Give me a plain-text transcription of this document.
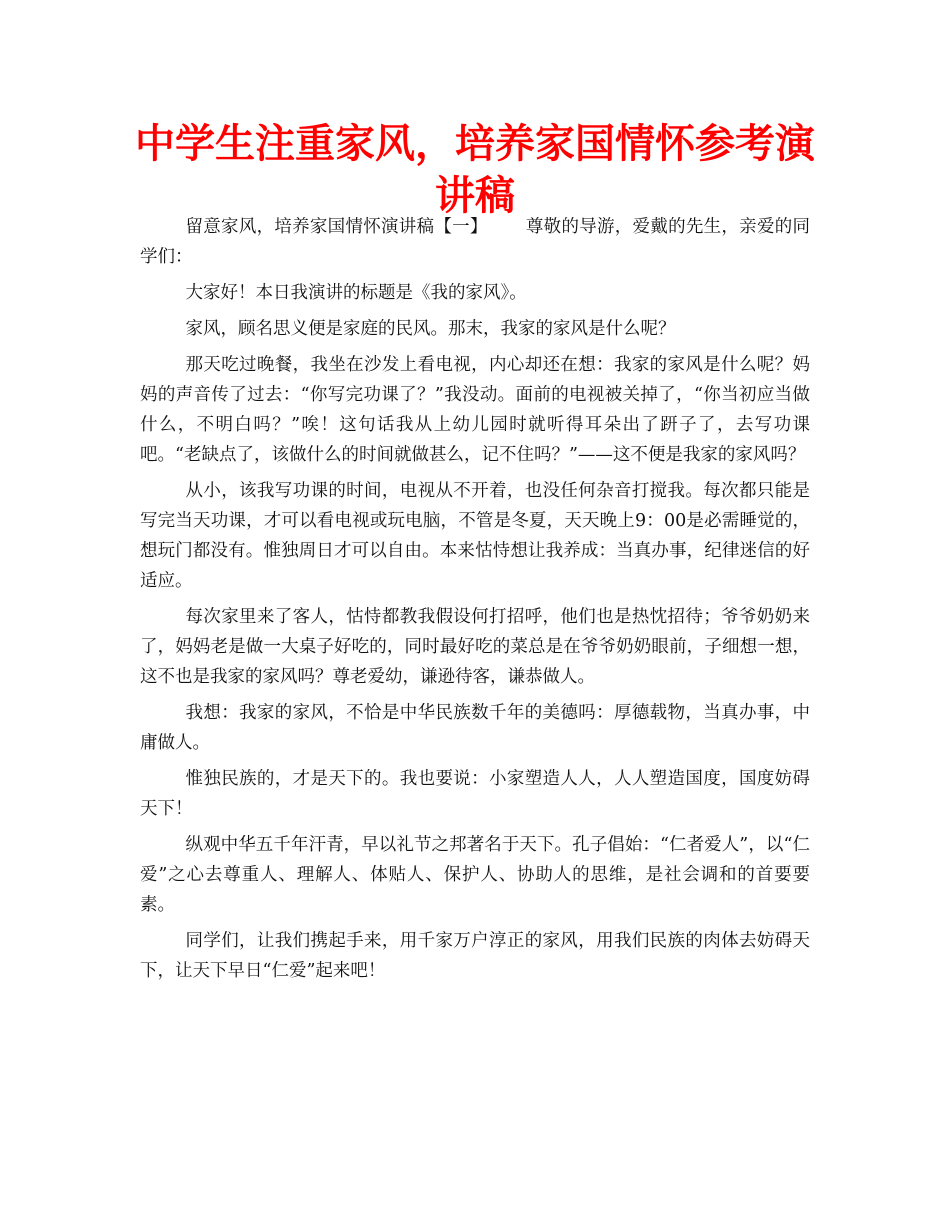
中学生注重家风，培养家国情怀参考演讲稿

留意家风，培养家国情怀演讲稿【一】 尊敬的导游，爱戴的先生，亲爱的同学们：

大家好！本日我演讲的标题是《我的家风》。

家风，顾名思义便是家庭的民风。那末，我家的家风是什么呢？

那天吃过晚餐，我坐在沙发上看电视，内心却还在想：我家的家风是什么呢？妈妈的声音传了过去：“你写完功课了？”我没动。面前的电视被关掉了，“你当初应当做什么，不明白吗？”唉！这句话我从上幼儿园时就听得耳朵出了趼子了，去写功课吧。“老缺点了，该做什么的时间就做甚么，记不住吗？”——这不便是我家的家风吗？

从小，该我写功课的时间，电视从不开着，也没任何杂音打搅我。每次都只能是写完当天功课，才可以看电视或玩电脑，不管是冬夏，天天晚上9：00是必需睡觉的，想玩门都没有。惟独周日才可以自由。本来怙恃想让我养成：当真办事，纪律迷信的好适应。

每次家里来了客人，怙恃都教我假设何打招呼，他们也是热忱招待；爷爷奶奶来了，妈妈老是做一大桌子好吃的，同时最好吃的菜总是在爷爷奶奶眼前，子细想一想，这不也是我家的家风吗？尊老爱幼，谦逊待客，谦恭做人。

我想：我家的家风，不恰是中华民族数千年的美德吗：厚德载物，当真办事，中庸做人。

惟独民族的，才是天下的。我也要说：小家塑造人人，人人塑造国度，国度妨碍天下！

纵观中华五千年汗青，早以礼节之邦著名于天下。孔子倡始：“仁者爱人”，以“仁爱”之心去尊重人、理解人、体贴人、保护人、协助人的思维，是社会调和的首要要素。

同学们，让我们携起手来，用千家万户淳正的家风，用我们民族的肉体去妨碍天下，让天下早日“仁爱”起来吧！
